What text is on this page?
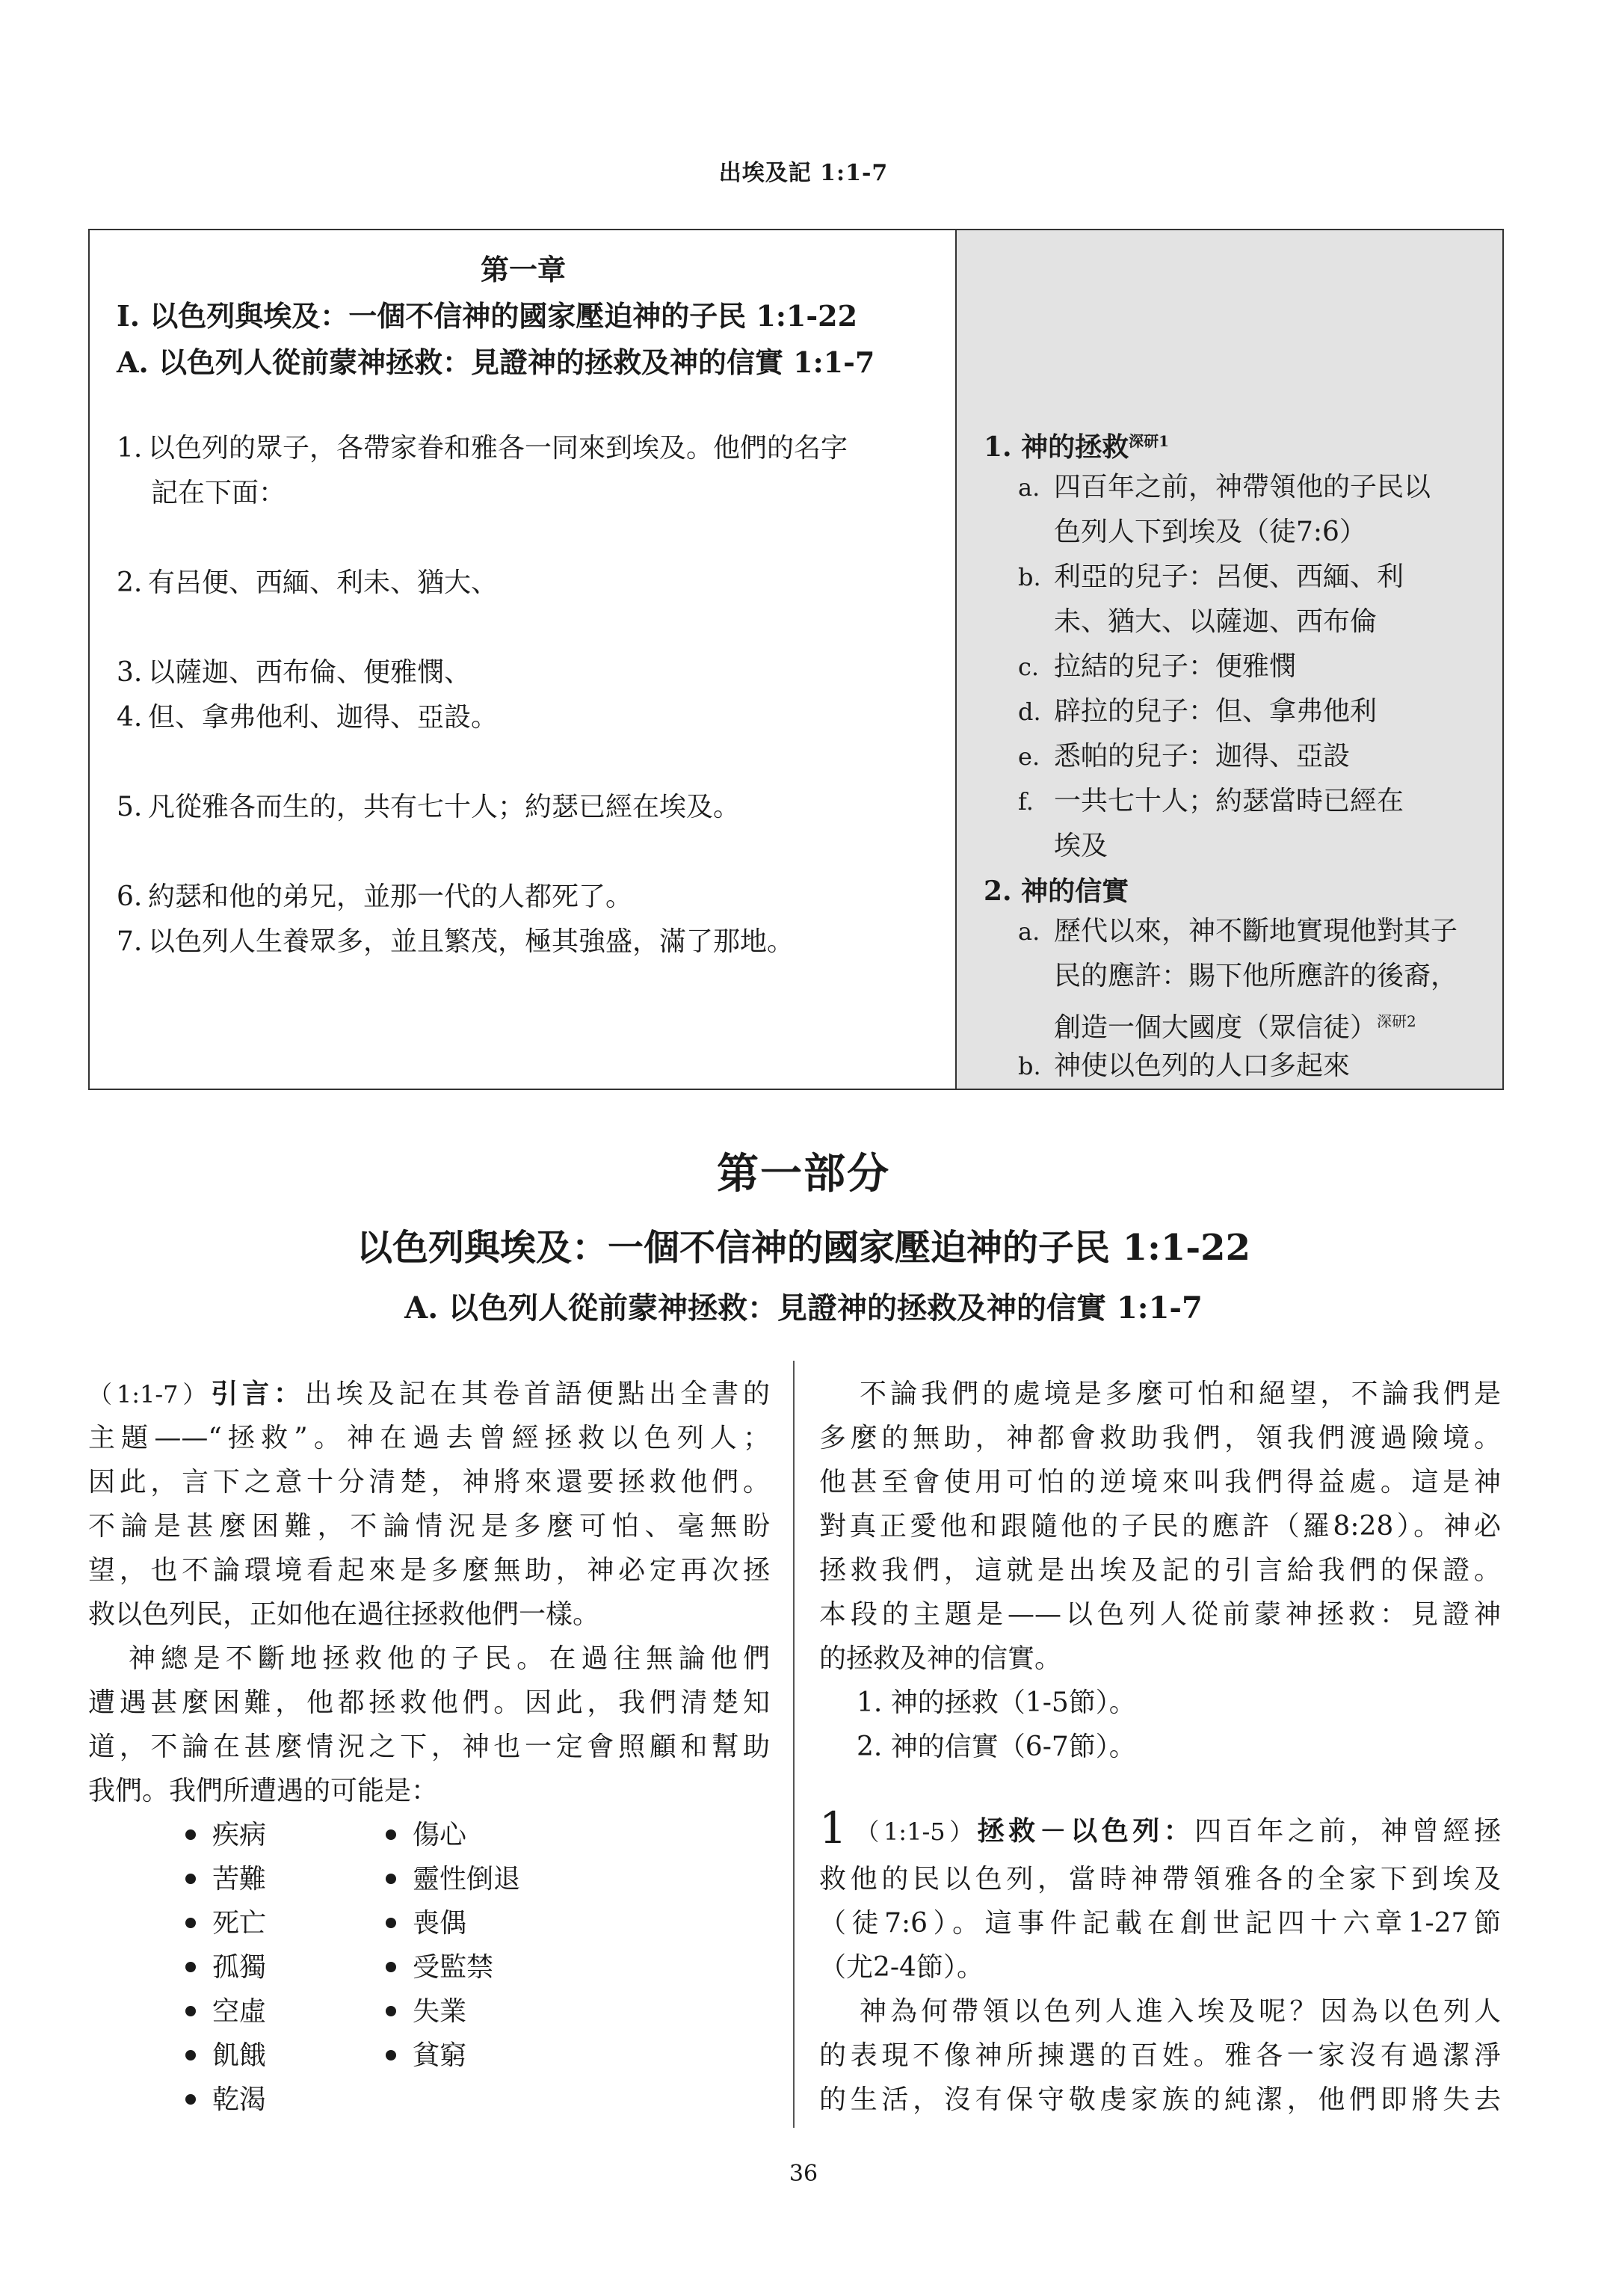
出埃及記 1:1-7
第一章
I. 以色列與埃及：一個不信神的國家壓迫神的子民 1:1-22
A. 以色列人從前蒙神拯救：見證神的拯救及神的信實 1:1-7
1. 以色列的眾子，各帶家眷和雅各一同來到埃及。他們的名字
記在下面：
2. 有呂便、西緬、利未、猶大、
3. 以薩迦、西布倫、便雅憫、
4. 但、拿弗他利、迦得、亞設。
5. 凡從雅各而生的，共有七十人；約瑟已經在埃及。
6. 約瑟和他的弟兄，並那一代的人都死了。
7. 以色列人生養眾多，並且繁茂，極其強盛，滿了那地。
1. 神的拯救$^{深研1}$
a. 四百年之前，神帶領他的子民以
色列人下到埃及（徒7:6）
b. 利亞的兒子：呂便、西緬、利
未、猶大、以薩迦、西布倫
c. 拉結的兒子：便雅憫
d. 辟拉的兒子：但、拿弗他利
e. 悉帕的兒子：迦得、亞設
f. 一共七十人；約瑟當時已經在
埃及
2. 神的信實
a. 歷代以來，神不斷地實現他對其子
民的應許：賜下他所應許的後裔，
創造一個大國度（眾信徒）$^{深研2}$
b. 神使以色列的人口多起來
第一部分
以色列與埃及：一個不信神的國家壓迫神的子民 1:1-22
A. 以色列人從前蒙神拯救：見證神的拯救及神的信實 1:1-7
（1:1-7）引言：出埃及記在其卷首語便點出全書的
主題——“拯救”。神在過去曾經拯救以色列人；
因此，言下之意十分清楚，神將來還要拯救他們。
不論是甚麼困難，不論情況是多麼可怕、毫無盼
望，也不論環境看起來是多麼無助，神必定再次拯
救以色列民，正如他在過往拯救他們一樣。
神總是不斷地拯救他的子民。在過往無論他們
遭遇甚麼困難，他都拯救他們。因此，我們清楚知
道，不論在甚麼情況之下，神也一定會照顧和幫助
我們。我們所遭遇的可能是：
疾病
苦難
死亡
孤獨
空虛
飢餓
乾渴
傷心
靈性倒退
喪偶
受監禁
失業
貧窮
不論我們的處境是多麼可怕和絕望，不論我們是
多麼的無助，神都會救助我們，領我們渡過險境。
他甚至會使用可怕的逆境來叫我們得益處。這是神
對真正愛他和跟隨他的子民的應許（羅8:28）。神必
拯救我們，這就是出埃及記的引言給我們的保證。
本段的主題是——以色列人從前蒙神拯救：見證神
的拯救及神的信實。
1. 神的拯救（1-5節）。
2. 神的信實（6-7節）。
1 （1:1-5）拯救－以色列：四百年之前，神曾經拯
救他的民以色列，當時神帶領雅各的全家下到埃及
（徒7:6）。這事件記載在創世記四十六章1-27節
（尤2-4節）。
神為何帶領以色列人進入埃及呢？因為以色列人
的表現不像神所揀選的百姓。雅各一家沒有過潔淨
的生活，沒有保守敬虔家族的純潔，他們即將失去
36
